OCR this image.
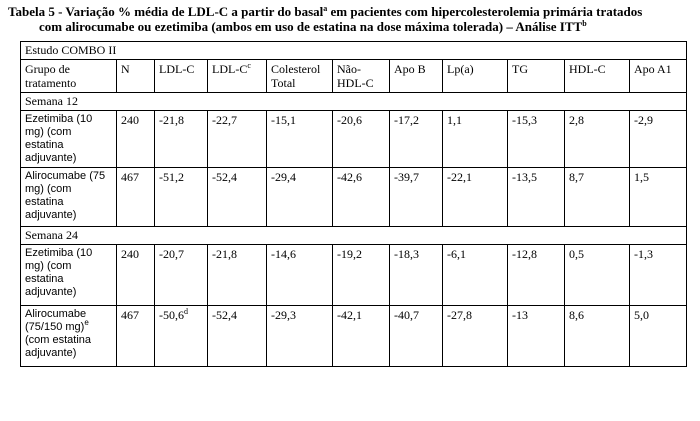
Tabela 5 - Variação % média de LDL-C a partir do basal$^a$ em pacientes com hipercolesterolemia primária tratados
com alirocumabe ou ezetimiba (ambos em uso de estatina na dose máxima tolerada) – Análise ITT$^b$
Estudo COMBO II										
Grupo de tratamento	N	LDL-C	LDL-$C^c$	Colesterol Total	Não-HDL-C	Apo B	Lp(a)	TG	HDL-C	Apo A1
Semana 12										
Ezetimiba (10 mg) (com estatina adjuvante)	240	-21,8	-22,7	-15,1	-20,6	-17,2	1,1	-15,3	2,8	-2,9
Alirocumabe (75 mg) (com estatina adjuvante)	467	-51,2	-52,4	-29,4	-42,6	-39,7	-22,1	-13,5	8,7	1,5
Semana 24										
Ezetimiba (10 mg) (com estatina adjuvante)	240	-20,7	-21,8	-14,6	-19,2	-18,3	-6,1	-12,8	0,5	-1,3
Alirocumabe (75/150 mg)$^e$ (com estatina adjuvante)	467	-50,6$^d$	-52,4	-29,3	-42,1	-40,7	-27,8	-13	8,6	5,0
